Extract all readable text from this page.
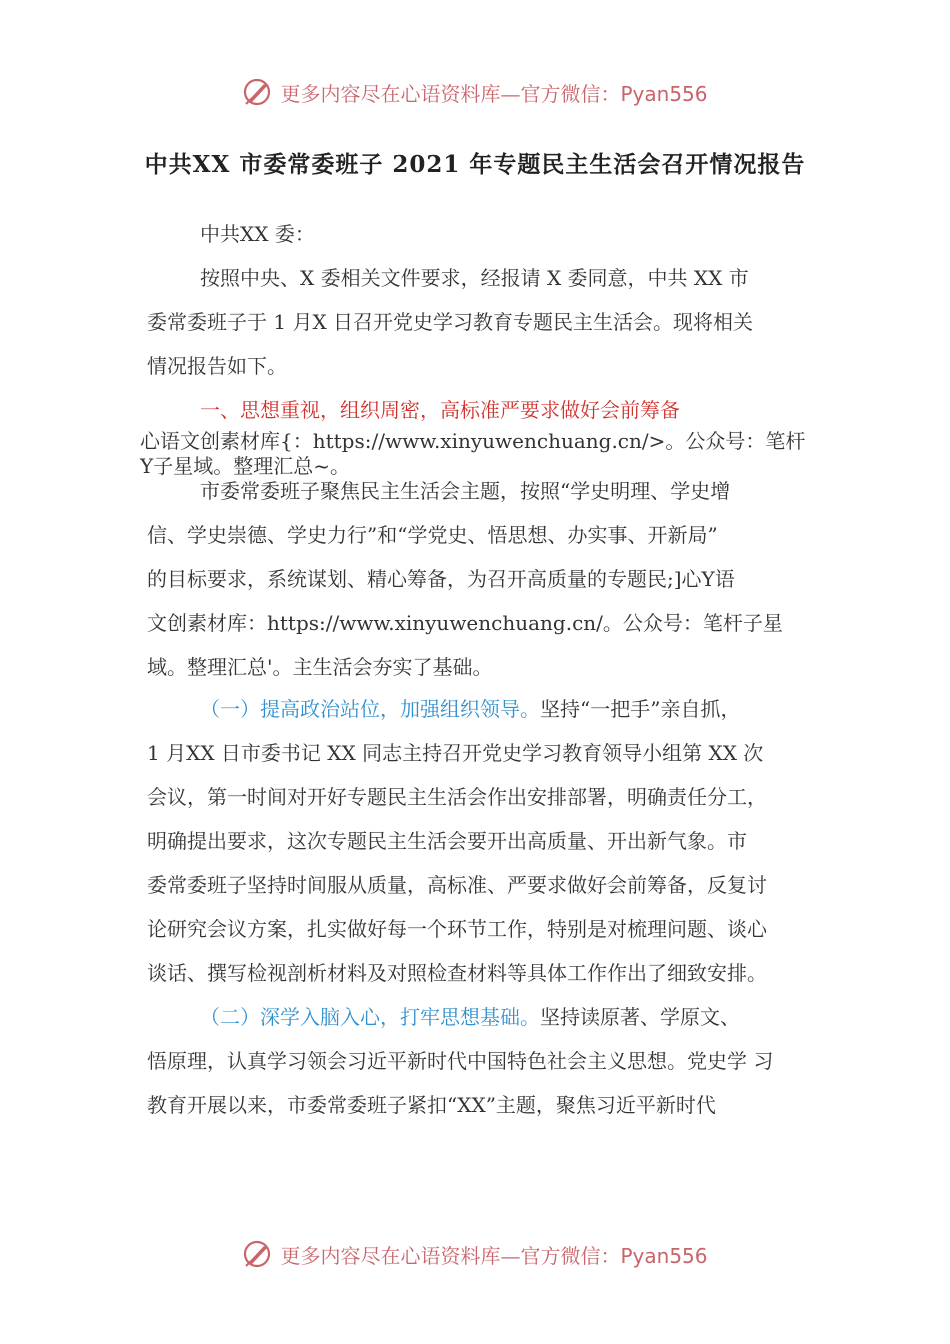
更多内容尽在心语资料库—官方微信：Pyan556
中共XX 市委常委班子 2021 年专题民主生活会召开情况报告
中共XX 委：
按照中央、X 委相关文件要求，经报请 X 委同意，中共 XX 市
委常委班子于 1 月X 日召开党史学习教育专题民主生活会。现将相关
情况报告如下。
一、思想重视，组织周密，高标准严要求做好会前筹备
心语文创素材库{：https://www.xinyuwenchuang.cn/>。公众号：笔杆
Y子星域。整理汇总~。
市委常委班子聚焦民主生活会主题，按照“学史明理、学史增
信、学史崇德、学史力行”和“学党史、悟思想、办实事、开新局”
的目标要求，系统谋划、精心筹备，为召开高质量的专题民;]心Y语
文创素材库：https://www.xinyuwenchuang.cn/。公众号：笔杆子星
域。整理汇总'。主生活会夯实了基础。
（一）提高政治站位，加强组织领导。坚持“一把手”亲自抓，
1 月XX 日市委书记 XX 同志主持召开党史学习教育领导小组第 XX 次
会议，第一时间对开好专题民主生活会作出安排部署，明确责任分工，
明确提出要求，这次专题民主生活会要开出高质量、开出新气象。市
委常委班子坚持时间服从质量，高标准、严要求做好会前筹备，反复讨
论研究会议方案，扎实做好每一个环节工作，特别是对梳理问题、谈心
谈话、撰写检视剖析材料及对照检查材料等具体工作作出了细致安排。
（二）深学入脑入心，打牢思想基础。坚持读原著、学原文、
悟原理，认真学习领会习近平新时代中国特色社会主义思想。党史学 习
教育开展以来，市委常委班子紧扣“XX”主题，聚焦习近平新时代
更多内容尽在心语资料库—官方微信：Pyan556
